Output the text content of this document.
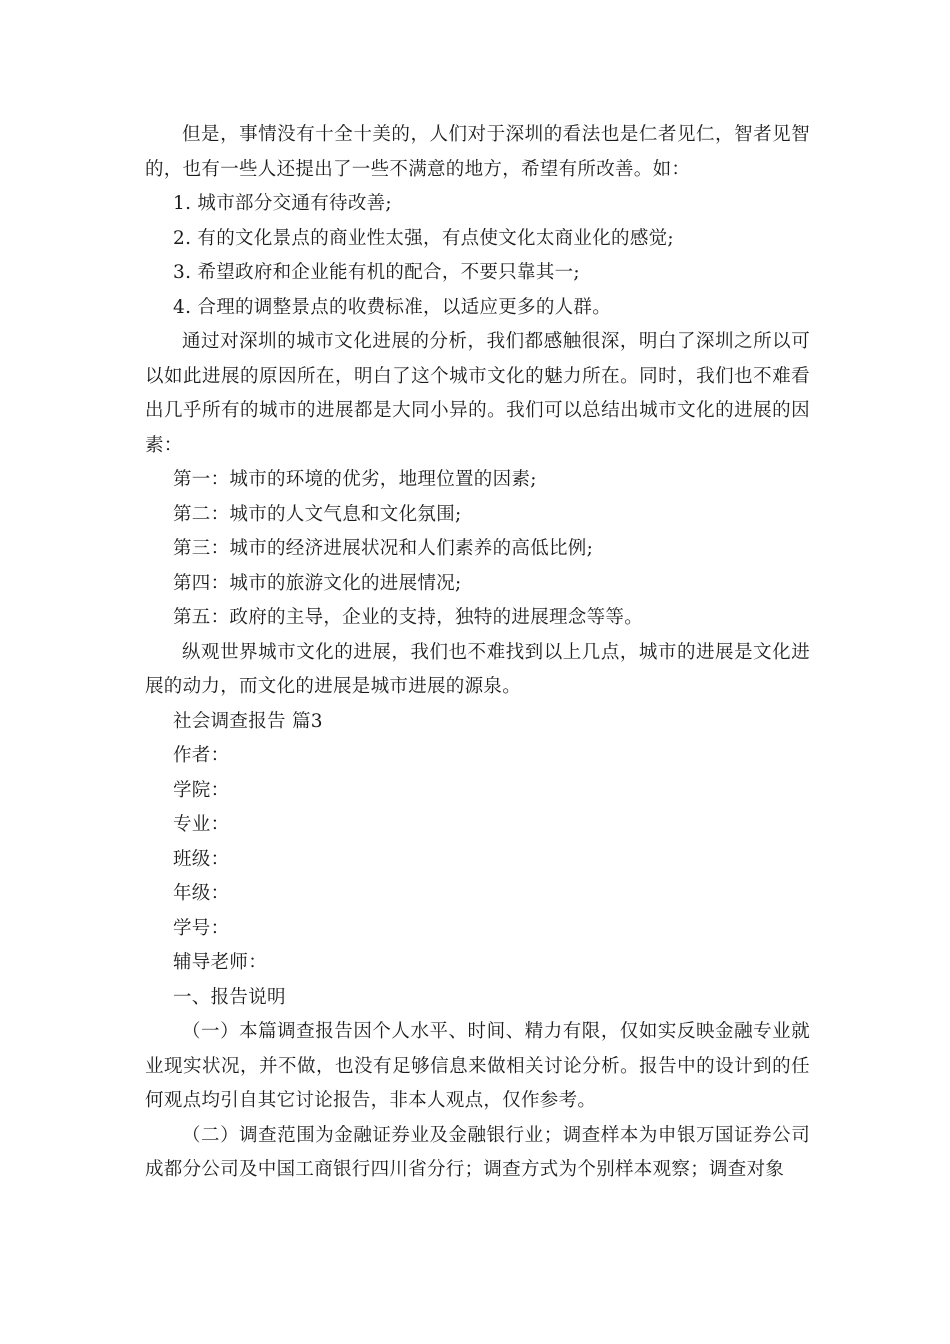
但是，事情没有十全十美的，人们对于深圳的看法也是仁者见仁，智者见智的，也有一些人还提出了一些不满意的地方，希望有所改善。如：

1. 城市部分交通有待改善;

2. 有的文化景点的商业性太强，有点使文化太商业化的感觉;

3. 希望政府和企业能有机的配合，不要只靠其一;

4. 合理的调整景点的收费标准，以适应更多的人群。

通过对深圳的城市文化进展的分析，我们都感触很深，明白了深圳之所以可以如此进展的原因所在，明白了这个城市文化的魅力所在。同时，我们也不难看出几乎所有的城市的进展都是大同小异的。我们可以总结出城市文化的进展的因素：

第一：城市的环境的优劣，地理位置的因素;

第二：城市的人文气息和文化氛围;

第三：城市的经济进展状况和人们素养的高低比例;

第四：城市的旅游文化的进展情况;

第五：政府的主导，企业的支持，独特的进展理念等等。

纵观世界城市文化的进展，我们也不难找到以上几点，城市的进展是文化进展的动力，而文化的进展是城市进展的源泉。

社会调查报告 篇3

作者：

学院：

专业：

班级：

年级：

学号：

辅导老师：

一、报告说明

（一）本篇调查报告因个人水平、时间、精力有限，仅如实反映金融专业就业现实状况，并不做，也没有足够信息来做相关讨论分析。报告中的设计到的任何观点均引自其它讨论报告，非本人观点，仅作参考。

（二）调查范围为金融证券业及金融银行业；调查样本为申银万国证券公司成都分公司及中国工商银行四川省分行；调查方式为个别样本观察；调查对象
